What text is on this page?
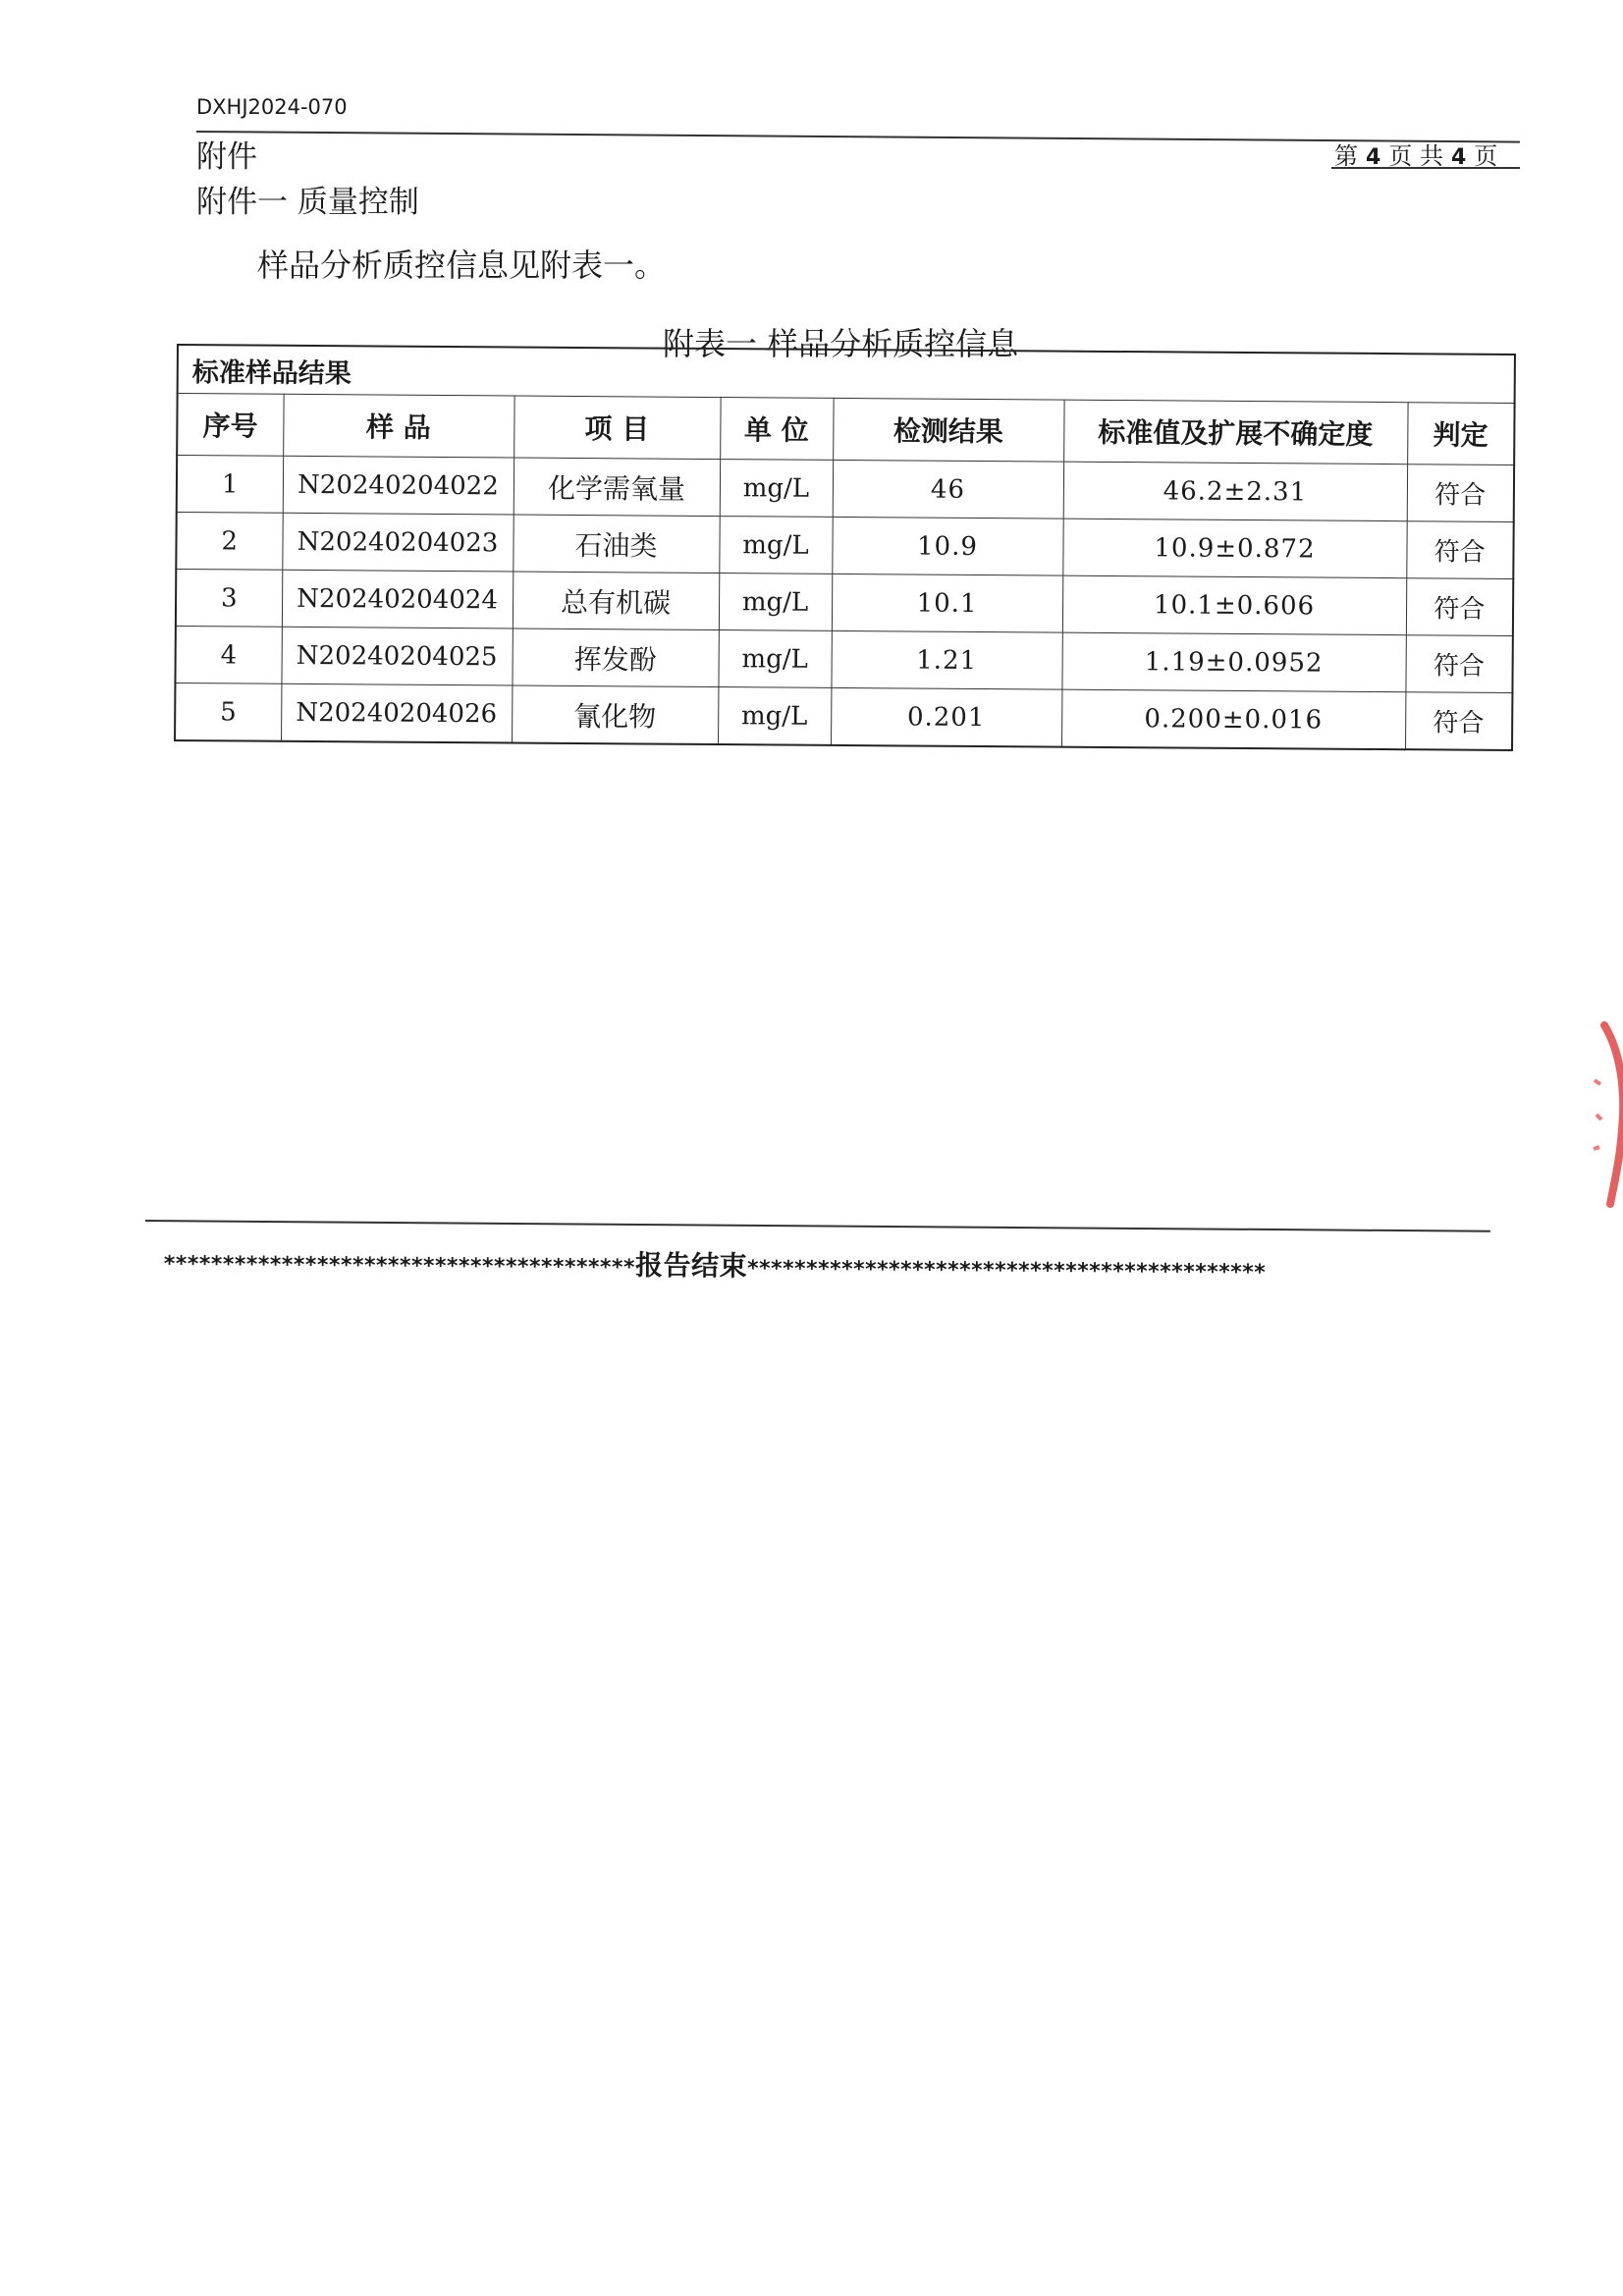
DXHJ2024-070
第 4 页 共 4 页
附件
附件一 质量控制
样品分析质控信息见附表一。
附表一 样品分析质控信息
标准样品结果						
序号	样 品	项 目	单 位	检测结果	标准值及扩展不确定度	判定
1	N20240204022	化学需氧量	mg/L	46	46.2±2.31	符合
2	N20240204023	石油类	mg/L	10.9	10.9±0.872	符合
3	N20240204024	总有机碳	mg/L	10.1	10.1±0.606	符合
4	N20240204025	挥发酚	mg/L	1.21	1.19±0.0952	符合
5	N20240204026	氰化物	mg/L	0.201	0.200±0.016	符合
****************************************报告结束********************************************
